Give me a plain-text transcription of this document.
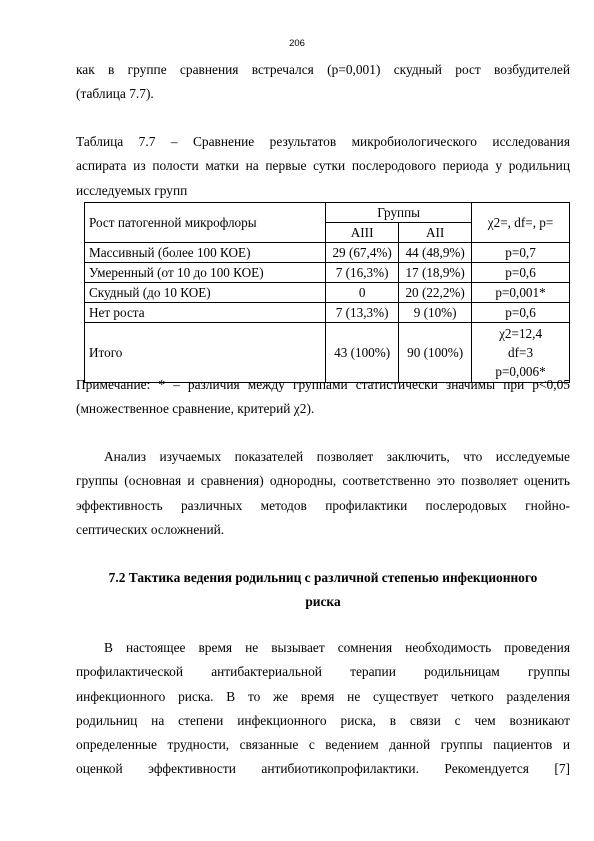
206
как в группе сравнения встречался (p=0,001) скудный рост возбудителей
(таблица 7.7).
Таблица 7.7 – Сравнение результатов микробиологического исследования
аспирата из полости матки на первые сутки послеродового периода у родильниц
исследуемых групп
Рост патогенной микрофлоры	Группы		χ2=, df=, p=
	AIII	AII	
Массивный (более 100 КОЕ)	29 (67,4%)	44 (48,9%)	p=0,7
Умеренный (от 10 до 100 КОЕ)	7 (16,3%)	17 (18,9%)	p=0,6
Скудный (до 10 КОЕ)	0	20 (22,2%)	p=0,001*
Нет роста	7 (13,3%)	9 (10%)	p=0,6
Итого	43 (100%)	90 (100%)	χ2=12,4
df=3
p=0,006*
Примечание: * – различия между группами статистически значимы при p<0,05
(множественное сравнение, критерий χ2).
Анализ изучаемых показателей позволяет заключить, что исследуемые
группы (основная и сравнения) однородны, соответственно это позволяет оценить
эффективность различных методов профилактики послеродовых гнойно-
септических осложнений.
7.2 Тактика ведения родильниц с различной степенью инфекционного
риска
В настоящее время не вызывает сомнения необходимость проведения
профилактической антибактериальной терапии родильницам группы
инфекционного риска. В то же время не существует четкого разделения
родильниц на степени инфекционного риска, в связи с чем возникают
определенные трудности, связанные с ведением данной группы пациентов и
оценкой эффективности антибиотикопрофилактики. Рекомендуется [7]
